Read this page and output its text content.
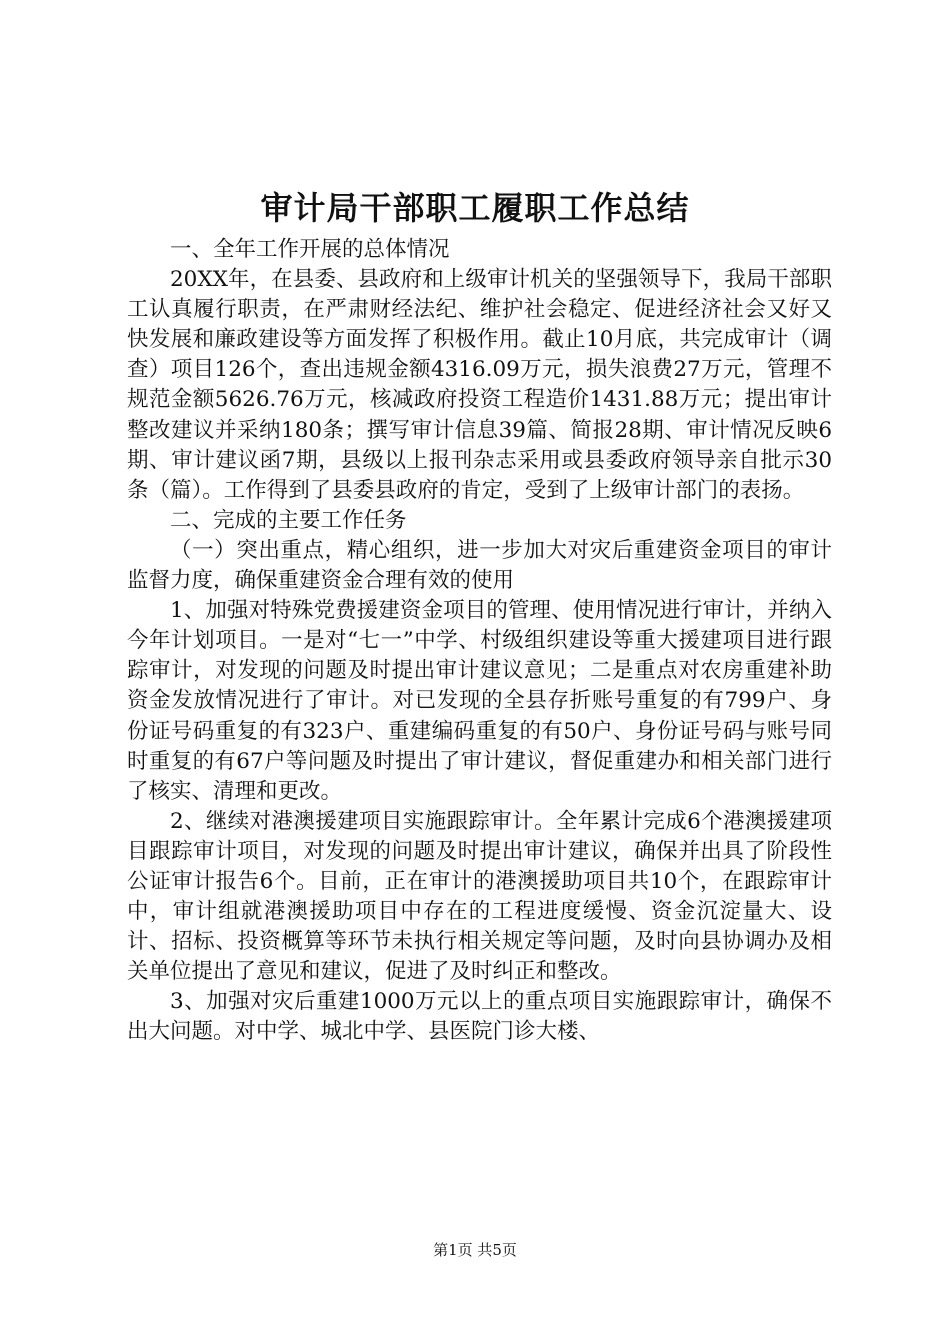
审计局干部职工履职工作总结

一、全年工作开展的总体情况

20XX年，在县委、县政府和上级审计机关的坚强领导下，我局干部职工认真履行职责，在严肃财经法纪、维护社会稳定、促进经济社会又好又快发展和廉政建设等方面发挥了积极作用。截止10月底，共完成审计（调查）项目126个，查出违规金额4316.09万元，损失浪费27万元，管理不规范金额5626.76万元，核减政府投资工程造价1431.88万元；提出审计整改建议并采纳180条；撰写审计信息39篇、简报28期、审计情况反映6期、审计建议函7期，县级以上报刊杂志采用或县委政府领导亲自批示30条（篇）。工作得到了县委县政府的肯定，受到了上级审计部门的表扬。

二、完成的主要工作任务

（一）突出重点，精心组织，进一步加大对灾后重建资金项目的审计监督力度，确保重建资金合理有效的使用

1、加强对特殊党费援建资金项目的管理、使用情况进行审计，并纳入今年计划项目。一是对“七一”中学、村级组织建设等重大援建项目进行跟踪审计，对发现的问题及时提出审计建议意见；二是重点对农房重建补助资金发放情况进行了审计。对已发现的全县存折账号重复的有799户、身份证号码重复的有323户、重建编码重复的有50户、身份证号码与账号同时重复的有67户等问题及时提出了审计建议，督促重建办和相关部门进行了核实、清理和更改。

2、继续对港澳援建项目实施跟踪审计。全年累计完成6个港澳援建项目跟踪审计项目，对发现的问题及时提出审计建议，确保并出具了阶段性公证审计报告6个。目前，正在审计的港澳援助项目共10个，在跟踪审计中，审计组就港澳援助项目中存在的工程进度缓慢、资金沉淀量大、设计、招标、投资概算等环节未执行相关规定等问题，及时向县协调办及相关单位提出了意见和建议，促进了及时纠正和整改。

3、加强对灾后重建1000万元以上的重点项目实施跟踪审计，确保不出大问题。对中学、城北中学、县医院门诊大楼、

第1页 共5页
